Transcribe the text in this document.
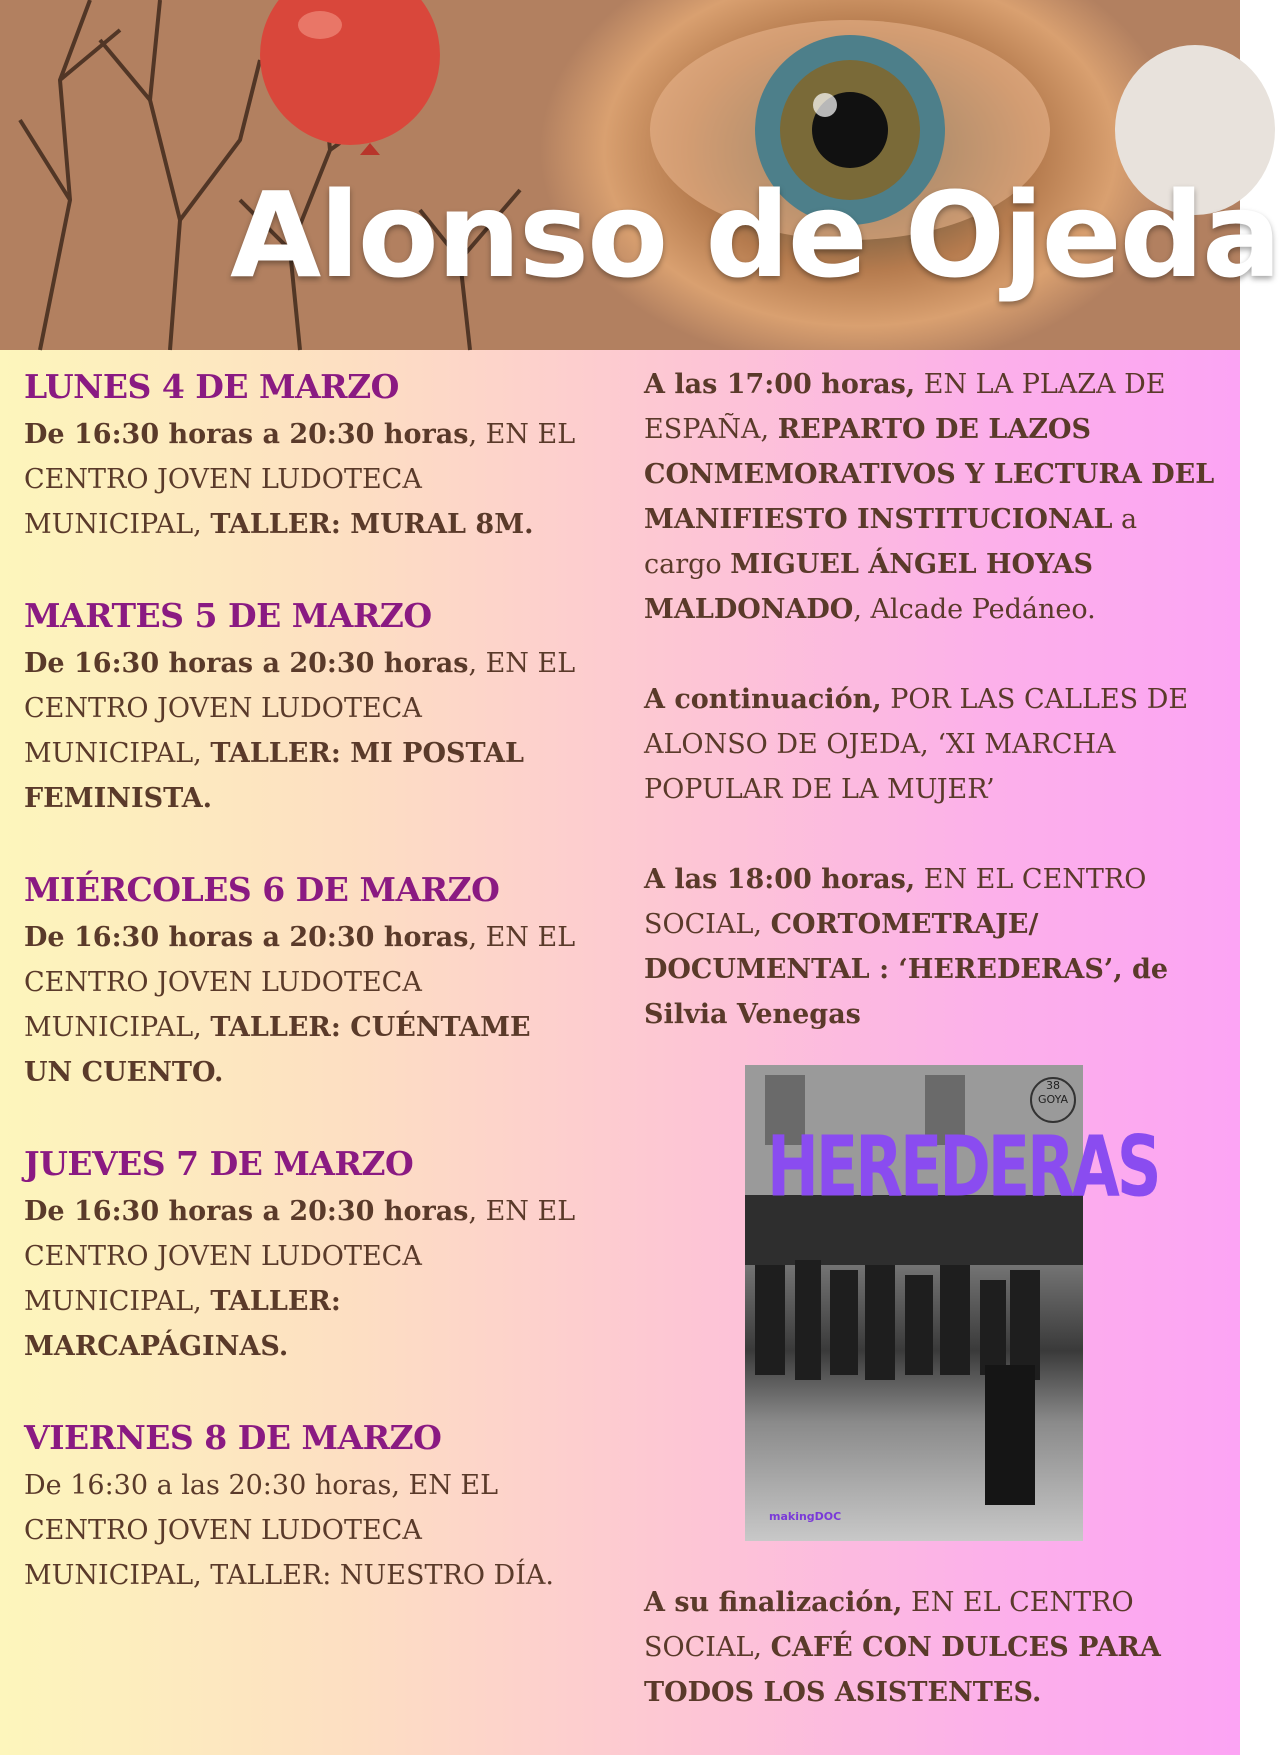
Alonso de Ojeda
LUNES 4 DE MARZO
De 16:30 horas a 20:30 horas, EN EL
CENTRO JOVEN LUDOTECA
MUNICIPAL, TALLER: MURAL 8M.
MARTES 5 DE MARZO
De 16:30 horas a 20:30 horas, EN EL
CENTRO JOVEN LUDOTECA
MUNICIPAL, TALLER: MI POSTAL
FEMINISTA.
MIÉRCOLES 6 DE MARZO
De 16:30 horas a 20:30 horas, EN EL
CENTRO JOVEN LUDOTECA
MUNICIPAL, TALLER: CUÉNTAME
UN CUENTO.
JUEVES 7 DE MARZO
De 16:30 horas a 20:30 horas, EN EL
CENTRO JOVEN LUDOTECA
MUNICIPAL, TALLER:
MARCAPÁGINAS.
VIERNES 8 DE MARZO
De 16:30 a las 20:30 horas, EN EL
CENTRO JOVEN LUDOTECA
MUNICIPAL, TALLER: NUESTRO DÍA.
A las 17:00 horas, EN LA PLAZA DE
ESPAÑA, REPARTO DE LAZOS
CONMEMORATIVOS Y LECTURA DEL
MANIFIESTO INSTITUCIONAL a
cargo MIGUEL ÁNGEL HOYAS
MALDONADO, Alcade Pedáneo.
A continuación, POR LAS CALLES DE
ALONSO DE OJEDA, ‘XI MARCHA
POPULAR DE LA MUJER’
A las 18:00 horas, EN EL CENTRO
SOCIAL, CORTOMETRAJE/
DOCUMENTAL : ‘HEREDERAS’, de
Silvia Venegas
38
GOYA
HEREDERAS
makingDOC
A su finalización, EN EL CENTRO
SOCIAL, CAFÉ CON DULCES PARA
TODOS LOS ASISTENTES.
